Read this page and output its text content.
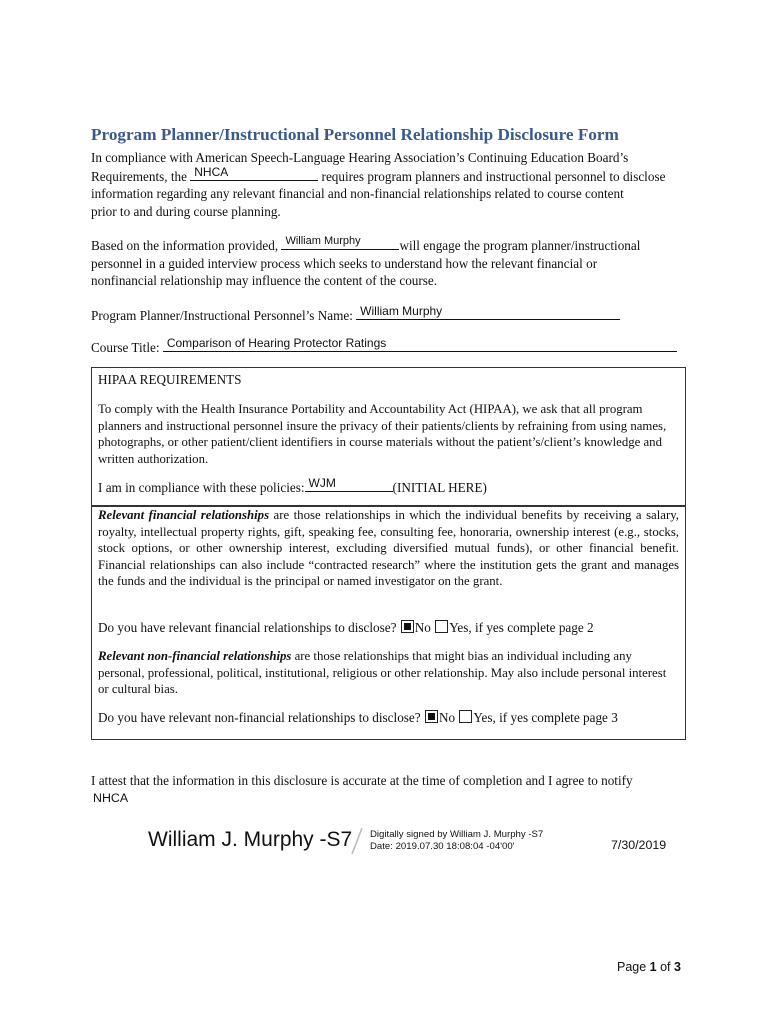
Program Planner/Instructional Personnel Relationship Disclosure Form
In compliance with American Speech-Language Hearing Association’s Continuing Education Board’s
Requirements, the NHCA	requires program planners and instructional personnel to disclose
information regarding any relevant financial and non-financial relationships related to course content
prior to and during course planning.
Based on the information provided, William Murphy	will engage the program planner/instructional
personnel in a guided interview process which seeks to understand how the relevant financial or
nonfinancial relationship may influence the content of the course.
Program Planner/Instructional Personnel’s Name: William Murphy
Course Title: Comparison of Hearing Protector Ratings
HIPAA REQUIREMENTS
To comply with the Health Insurance Portability and Accountability Act (HIPAA), we ask that all program planners and instructional personnel insure the privacy of their patients/clients by refraining from using names, photographs, or other patient/client identifiers in course materials without the patient’s/client’s knowledge and written authorization.
I am in compliance with these policies: WJM	(INITIAL HERE)
Relevant financial relationships are those relationships in which the individual benefits by receiving a salary, royalty, intellectual property rights, gift, speaking fee, consulting fee, honoraria, ownership interest (e.g., stocks, stock options, or other ownership interest, excluding diversified mutual funds), or other financial benefit. Financial relationships can also include “contracted research” where the institution gets the grant and manages the funds and the individual is the principal or named investigator on the grant.
Do you have relevant financial relationships to disclose? No Yes, if yes complete page 2
Relevant non-financial relationships are those relationships that might bias an individual including any personal, professional, political, institutional, religious or other relationship. May also include personal interest or cultural bias.
Do you have relevant non-financial relationships to disclose? No Yes, if yes complete page 3
I attest that the information in this disclosure is accurate at the time of completion and I agree to notify
NHCA
William J. Murphy -S7 Digitally signed by William J. Murphy -S7
Date: 2019.07.30 18:08:04 -04'00'	7/30/2019
Page 1 of 3
